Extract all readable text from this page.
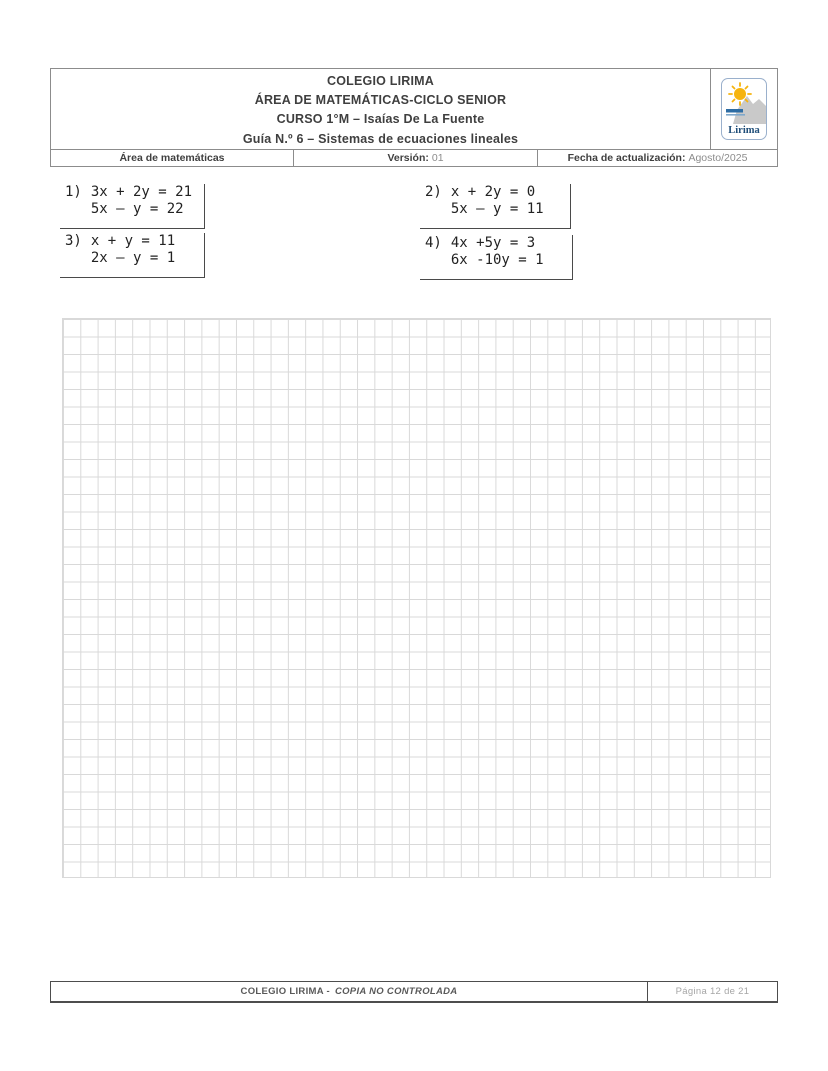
COLEGIO LIRIMA
ÁREA DE MATEMÁTICAS-CICLO SENIOR
CURSO 1°M – Isaías De La Fuente
Guía N.º 6 – Sistemas de ecuaciones lineales
Lirima
Área de matemáticas	Versión: 01	Fecha de actualización: Agosto/2025
1) 3x + 2y = 21
5x – y = 22
2) x + 2y = 0
5x – y = 11
3) x + y = 11
2x – y = 1
4) 4x +5y = 3
6x -10y = 1
COLEGIO LIRIMA - COPIA NO CONTROLADA	Página 12 de 21
